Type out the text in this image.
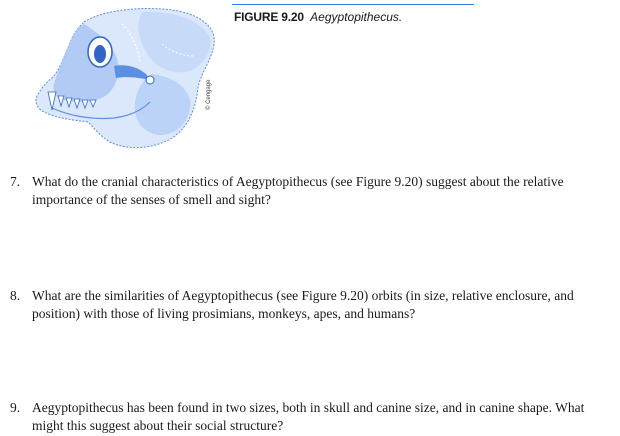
© Cengage
FIGURE 9.20 Aegyptopithecus.
7. What do the cranial characteristics of Aegyptopithecus (see Figure 9.20) suggest about the relative importance of the senses of smell and sight?
8. What are the similarities of Aegyptopithecus (see Figure 9.20) orbits (in size, relative enclosure, and position) with those of living prosimians, monkeys, apes, and humans?
9. Aegyptopithecus has been found in two sizes, both in skull and canine size, and in canine shape. What might this suggest about their social structure?
